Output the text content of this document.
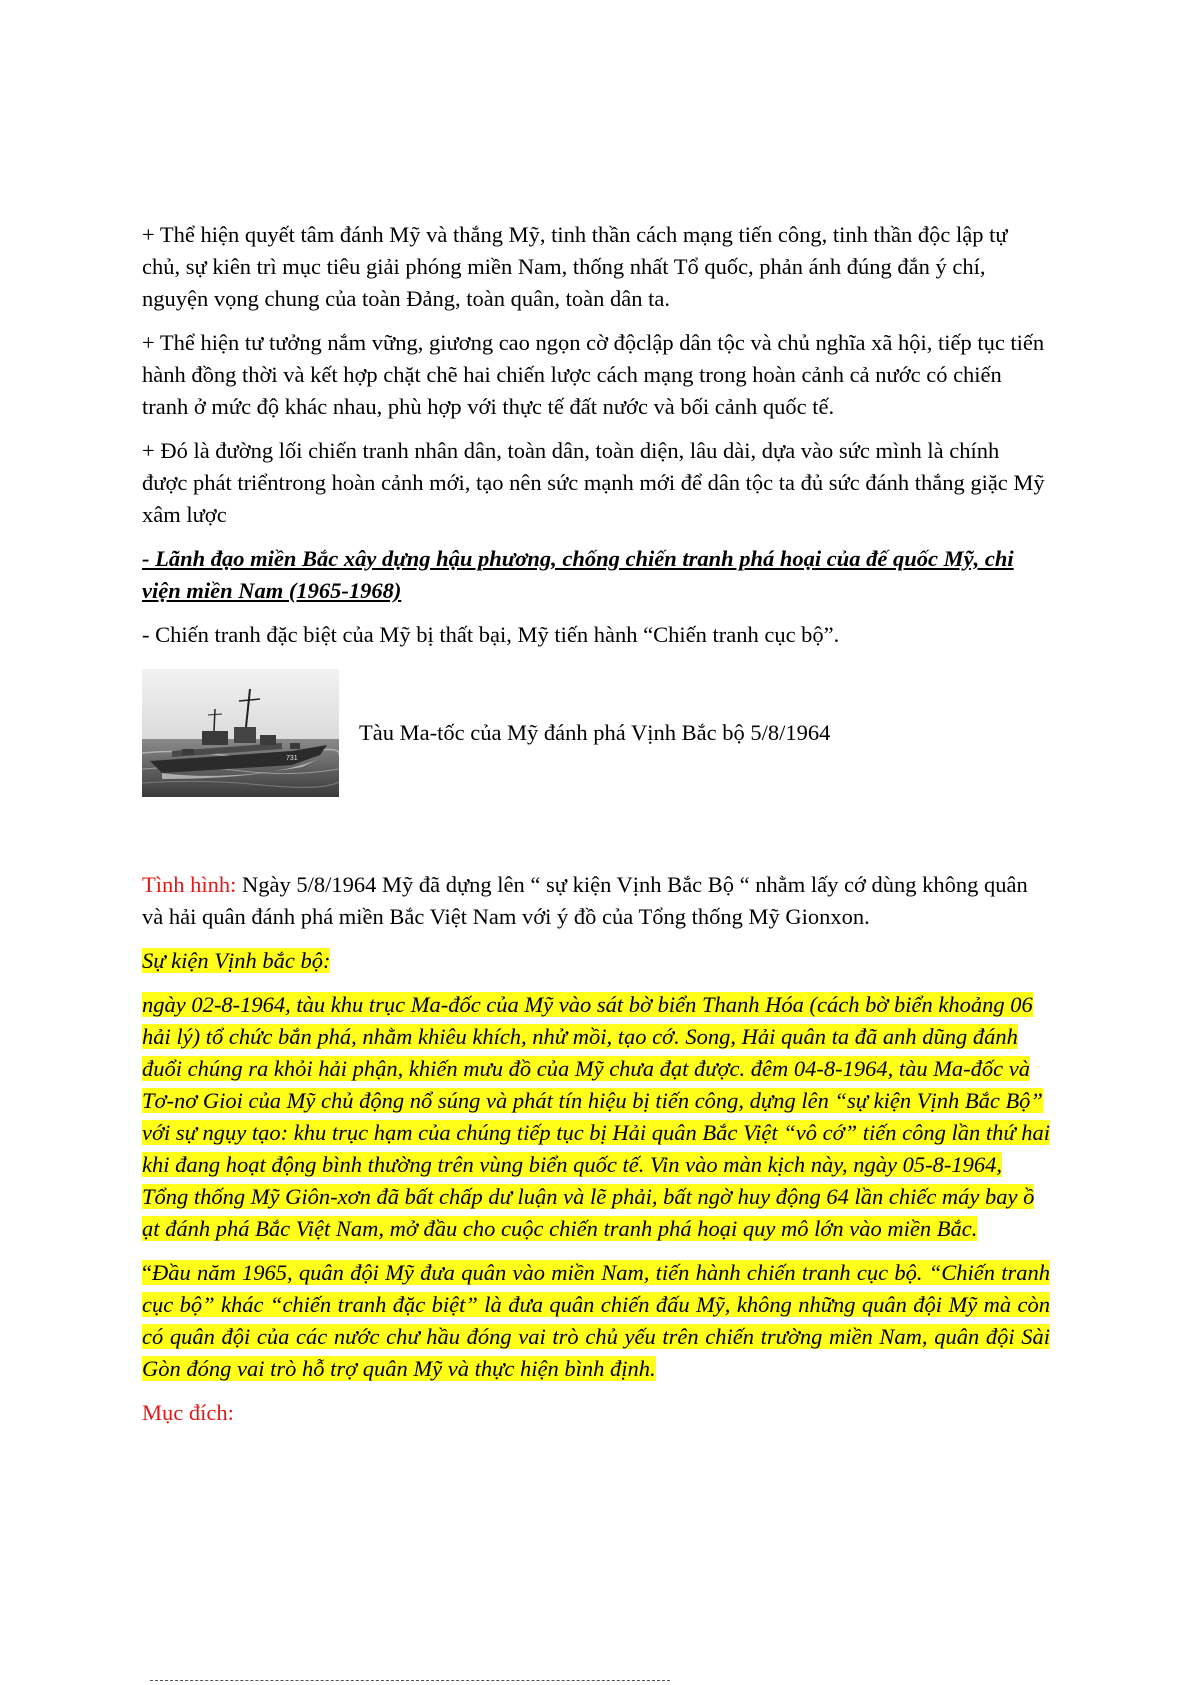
+ Thể hiện quyết tâm đánh Mỹ và thắng Mỹ, tinh thần cách mạng tiến công, tinh thần độc lập tự chủ, sự kiên trì mục tiêu giải phóng miền Nam, thống nhất Tổ quốc, phản ánh đúng đắn ý chí, nguyện vọng chung của toàn Đảng, toàn quân, toàn dân ta.

+ Thể hiện tư tưởng nắm vững, giương cao ngọn cờ độclập dân tộc và chủ nghĩa xã hội, tiếp tục tiến hành đồng thời và kết hợp chặt chẽ hai chiến lược cách mạng trong hoàn cảnh cả nước có chiến tranh ở mức độ khác nhau, phù hợp với thực tế đất nước và bối cảnh quốc tế.

+ Đó là đường lối chiến tranh nhân dân, toàn dân, toàn diện, lâu dài, dựa vào sức mình là chính được phát triểntrong hoàn cảnh mới, tạo nên sức mạnh mới để dân tộc ta đủ sức đánh thắng giặc Mỹ xâm lược

- Lãnh đạo miền Bắc xây dựng hậu phương, chống chiến tranh phá hoại của đế quốc Mỹ, chi viện miền Nam (1965-1968)

- Chiến tranh đặc biệt của Mỹ bị thất bại, Mỹ tiến hành “Chiến tranh cục bộ”.

731
Tàu Ma-tốc của Mỹ đánh phá Vịnh Bắc bộ 5/8/1964

Tình hình: Ngày 5/8/1964 Mỹ đã dựng lên “ sự kiện Vịnh Bắc Bộ “ nhằm lấy cớ dùng không quân và hải quân đánh phá miền Bắc Việt Nam với ý đồ của Tổng thống Mỹ Gionxon.

Sự kiện Vịnh bắc bộ:

ngày 02-8-1964, tàu khu trục Ma-đốc của Mỹ vào sát bờ biển Thanh Hóa (cách bờ biển khoảng 06 hải lý) tổ chức bắn phá, nhằm khiêu khích, nhử mồi, tạo cớ. Song, Hải quân ta đã anh dũng đánh đuổi chúng ra khỏi hải phận, khiến mưu đồ của Mỹ chưa đạt được. đêm 04-8-1964, tàu Ma-đốc và Tơ-nơ Gioi của Mỹ chủ động nổ súng và phát tín hiệu bị tiến công, dựng lên “sự kiện Vịnh Bắc Bộ” với sự ngụy tạo: khu trục hạm của chúng tiếp tục bị Hải quân Bắc Việt “vô cớ” tiến công lần thứ hai khi đang hoạt động bình thường trên vùng biển quốc tế. Vin vào màn kịch này, ngày 05-8-1964, Tổng thống Mỹ Giôn-xơn đã bất chấp dư luận và lẽ phải, bất ngờ huy động 64 lần chiếc máy bay ồ ạt đánh phá Bắc Việt Nam, mở đầu cho cuộc chiến tranh phá hoại quy mô lớn vào miền Bắc.

“Đầu năm 1965, quân đội Mỹ đưa quân vào miền Nam, tiến hành chiến tranh cục bộ. “Chiến tranh cục bộ” khác “chiến tranh đặc biệt” là đưa quân chiến đấu Mỹ, không những quân đội Mỹ mà còn có quân đội của các nước chư hầu đóng vai trò chủ yếu trên chiến trường miền Nam, quân đội Sài Gòn đóng vai trò hỗ trợ quân Mỹ và thực hiện bình định.

Mục đích:
